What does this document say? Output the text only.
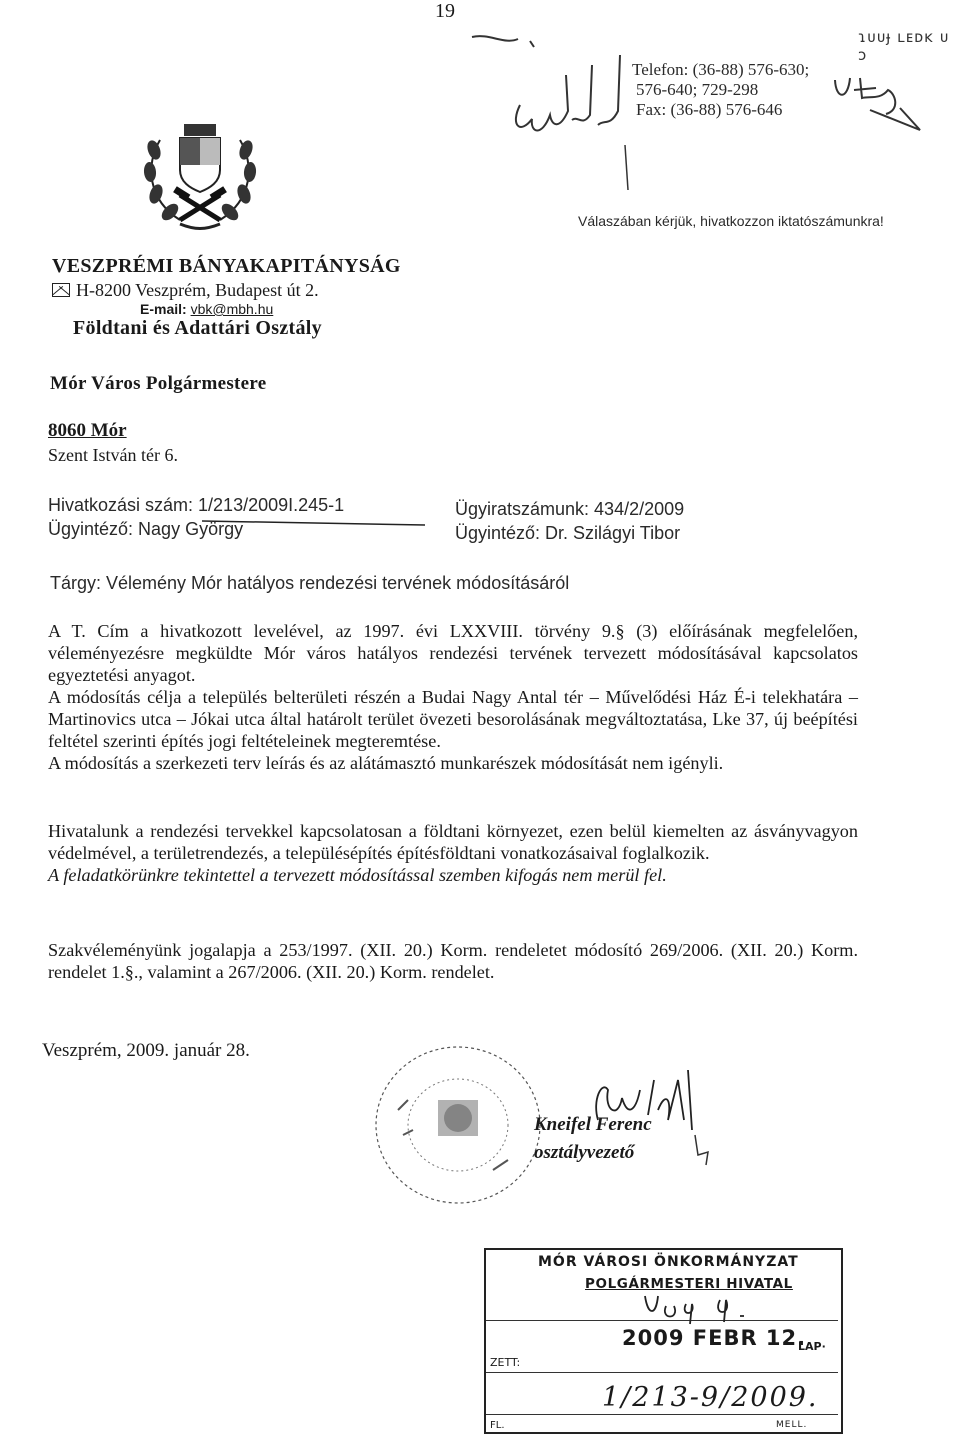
19
ɿᴜᴜɟ ʟᴇᴅᴋ ᴜ ɔ
Telefon: (36-88) 576-630;
576-640; 729-298
Fax: (36-88) 576-646
Válaszában kérjük, hivatkozzon iktatószámunkra!
VESZPRÉMI BÁNYAKAPITÁNYSÁG
H-8200 Veszprém, Budapest út 2.
E-mail: vbk@mbh.hu
Földtani és Adattári Osztály
Mór Város Polgármestere
8060 Mór
Szent István tér 6.
Hivatkozási szám: 1/213/2009I.245-1
Ügyintéző: Nagy György
Ügyiratszámunk: 434/2/2009
Ügyintéző: Dr. Szilágyi Tibor
Tárgy: Vélemény Mór hatályos rendezési tervének módosításáról

A T. Cím a hivatkozott levelével, az 1997. évi LXXVIII. törvény 9.§ (3) előírásának megfelelően, véleményezésre megküldte Mór város hatályos rendezési tervének tervezett módosításával kapcsolatos egyeztetési anyagot.

A módosítás célja a település belterületi részén a Budai Nagy Antal tér – Művelődési Ház É-i telekhatára – Martinovics utca – Jókai utca által határolt terület övezeti besorolásának megváltoztatása, Lke 37, új beépítési feltétel szerinti építés jogi feltételeinek megteremtése.

A módosítás a szerkezeti terv leírás és az alátámasztó munkarészek módosítását nem igényli.

Hivatalunk a rendezési tervekkel kapcsolatosan a földtani környezet, ezen belül kiemelten az ásványvagyon védelmével, a területrendezés, a településépítés építésföldtani vonatkozásaival foglalkozik.

A feladatkörünkre tekintettel a tervezett módosítással szemben kifogás nem merül fel.

Szakvéleményünk jogalapja a 253/1997. (XII. 20.) Korm. rendeletet módosító 269/2006. (XII. 20.) Korm. rendelet 1.§., valamint a 267/2006. (XII. 20.) Korm. rendelet.

Veszprém, 2009. január 28.
Kneifel Ferenc
osztályvezető
MÓR VÁROSI ÖNKORMÁNYZAT
POLGÁRMESTERI HIVATAL
ZETT:
LAP·
2009 FEBR 12.
1/213-9/2009.
FL.	MELL.
